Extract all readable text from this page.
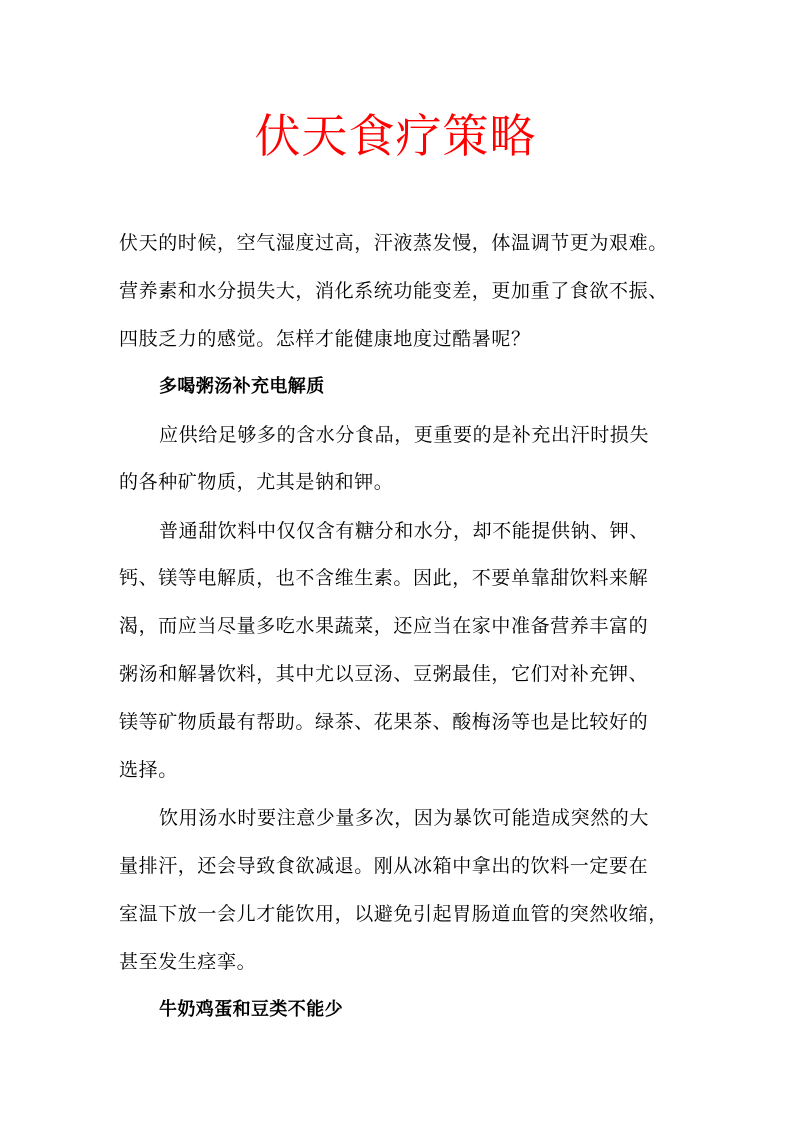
伏天食疗策略

伏天的时候，空气湿度过高，汗液蒸发慢，体温调节更为艰难。

营养素和水分损失大，消化系统功能变差，更加重了食欲不振、

四肢乏力的感觉。怎样才能健康地度过酷暑呢？

多喝粥汤补充电解质

应供给足够多的含水分食品，更重要的是补充出汗时损失

的各种矿物质，尤其是钠和钾。

普通甜饮料中仅仅含有糖分和水分，却不能提供钠、钾、

钙、镁等电解质，也不含维生素。因此，不要单靠甜饮料来解

渴，而应当尽量多吃水果蔬菜，还应当在家中准备营养丰富的

粥汤和解暑饮料，其中尤以豆汤、豆粥最佳，它们对补充钾、

镁等矿物质最有帮助。绿茶、花果茶、酸梅汤等也是比较好的

选择。

饮用汤水时要注意少量多次，因为暴饮可能造成突然的大

量排汗，还会导致食欲减退。刚从冰箱中拿出的饮料一定要在

室温下放一会儿才能饮用，以避免引起胃肠道血管的突然收缩，

甚至发生痉挛。

牛奶鸡蛋和豆类不能少
